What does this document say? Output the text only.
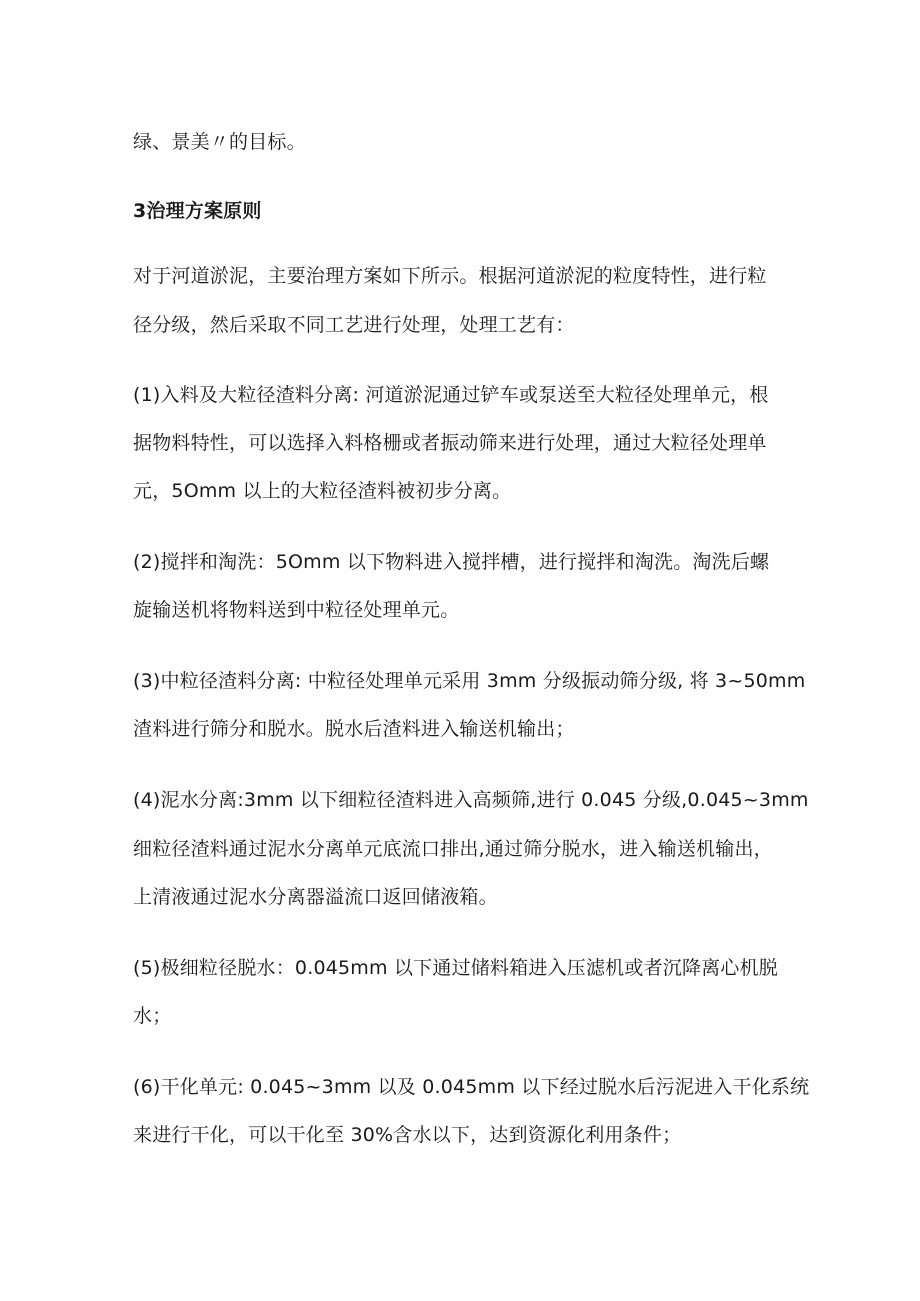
绿、景美〃的目标。
3治理方案原则
对于河道淤泥，主要治理方案如下所示。根据河道淤泥的粒度特性，进行粒
径分级，然后采取不同工艺进行处理，处理工艺有：
(1)入料及大粒径渣料分离: 河道淤泥通过铲车或泵送至大粒径处理单元，根
据物料特性，可以选择入料格栅或者振动筛来进行处理，通过大粒径处理单
元，5Omm 以上的大粒径渣料被初步分离。
(2)搅拌和淘洗：5Omm 以下物料进入搅拌槽，进行搅拌和淘洗。淘洗后螺
旋输送机将物料送到中粒径处理单元。
(3)中粒径渣料分离: 中粒径处理单元采用 3mm 分级振动筛分级, 将 3~50mm
渣料进行筛分和脱水。脱水后渣料进入输送机输出；
(4)泥水分离:3mm 以下细粒径渣料进入高频筛,进行 0.045 分级,0.045~3mm
细粒径渣料通过泥水分离单元底流口排出,通过筛分脱水，进入输送机输出，
上清液通过泥水分离器溢流口返回储液箱。
(5)极细粒径脱水：0.045mm 以下通过储料箱进入压滤机或者沉降离心机脱
水；
(6)干化单元: 0.045~3mm 以及 0.045mm 以下经过脱水后污泥进入干化系统
来进行干化，可以干化至 30%含水以下，达到资源化利用条件；
